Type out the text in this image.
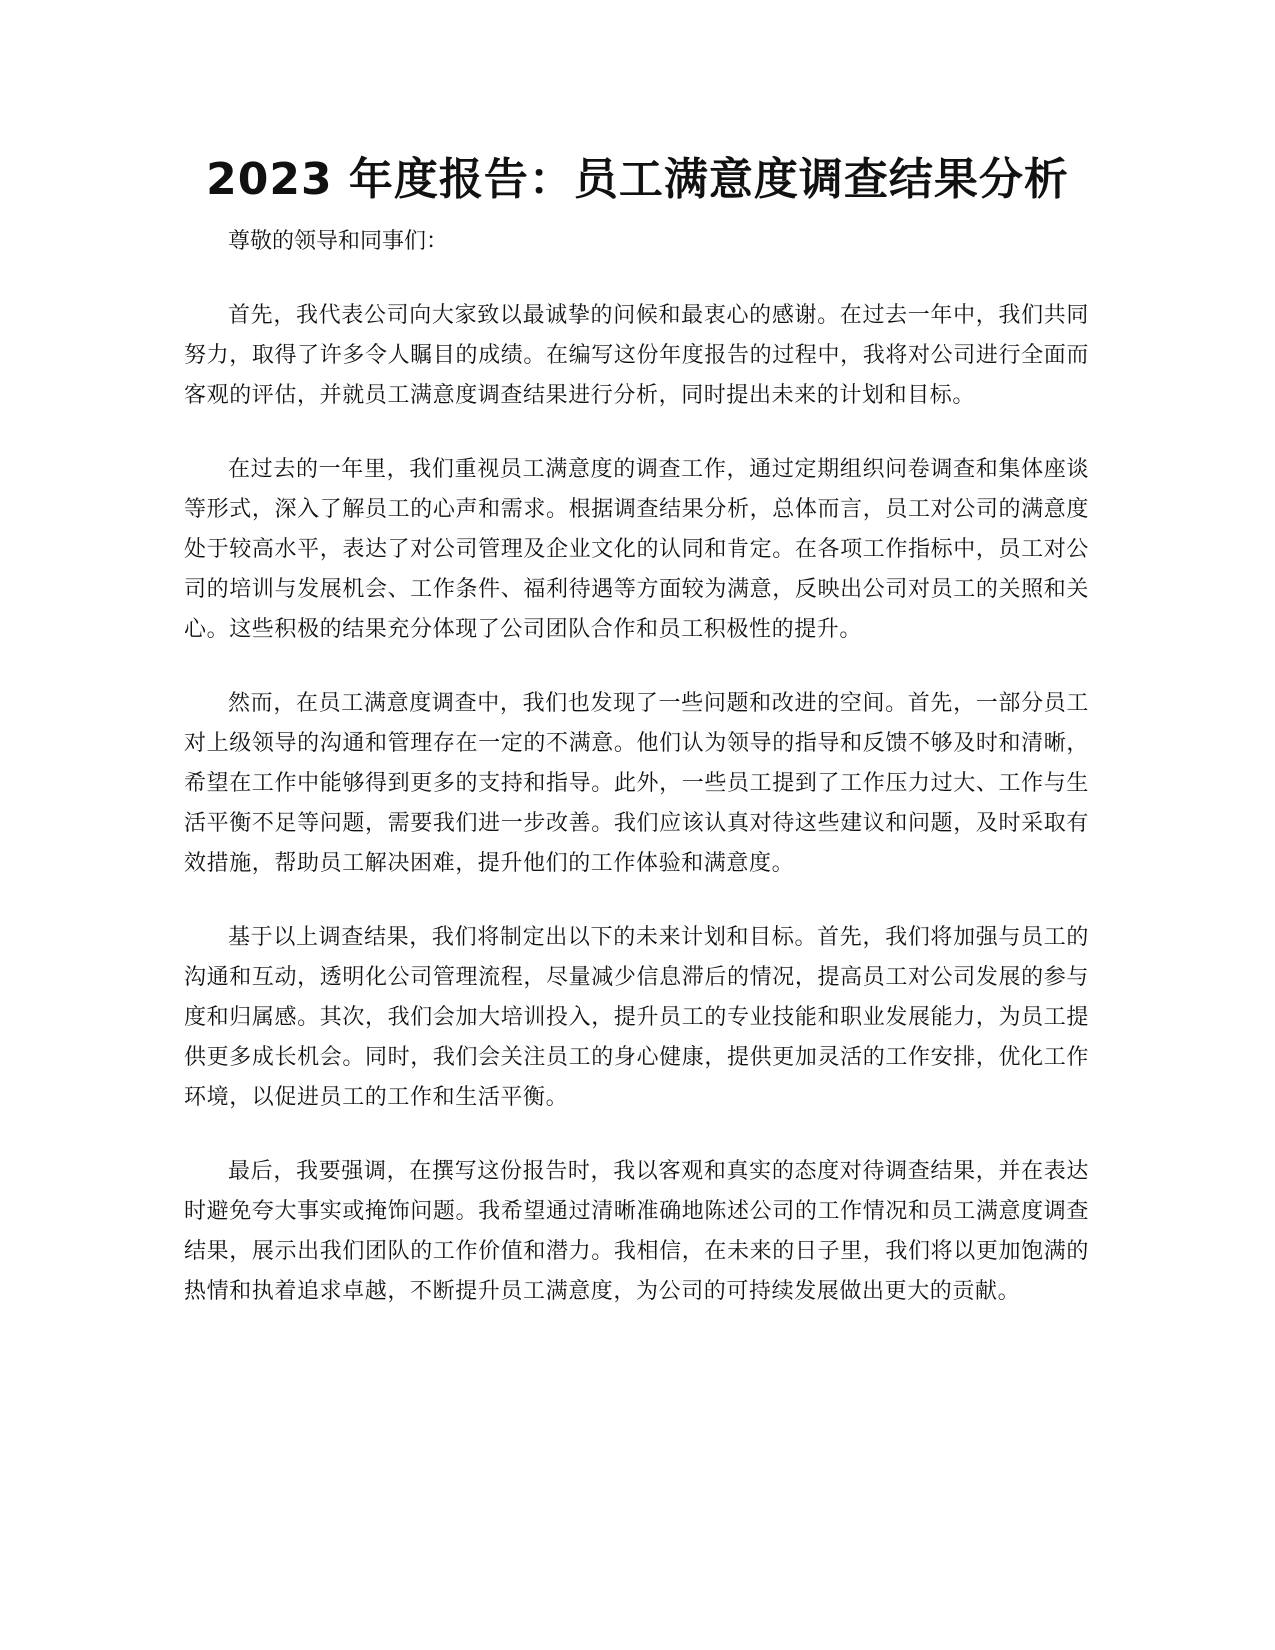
2023 年度报告：员工满意度调查结果分析

尊敬的领导和同事们：

首先，我代表公司向大家致以最诚挚的问候和最衷心的感谢。在过去一年中，我们共同努力，取得了许多令人瞩目的成绩。在编写这份年度报告的过程中，我将对公司进行全面而客观的评估，并就员工满意度调查结果进行分析，同时提出未来的计划和目标。

在过去的一年里，我们重视员工满意度的调查工作，通过定期组织问卷调查和集体座谈等形式，深入了解员工的心声和需求。根据调查结果分析，总体而言，员工对公司的满意度处于较高水平，表达了对公司管理及企业文化的认同和肯定。在各项工作指标中，员工对公司的培训与发展机会、工作条件、福利待遇等方面较为满意，反映出公司对员工的关照和关心。这些积极的结果充分体现了公司团队合作和员工积极性的提升。

然而，在员工满意度调查中，我们也发现了一些问题和改进的空间。首先，一部分员工对上级领导的沟通和管理存在一定的不满意。他们认为领导的指导和反馈不够及时和清晰，希望在工作中能够得到更多的支持和指导。此外，一些员工提到了工作压力过大、工作与生活平衡不足等问题，需要我们进一步改善。我们应该认真对待这些建议和问题，及时采取有效措施，帮助员工解决困难，提升他们的工作体验和满意度。

基于以上调查结果，我们将制定出以下的未来计划和目标。首先，我们将加强与员工的沟通和互动，透明化公司管理流程，尽量减少信息滞后的情况，提高员工对公司发展的参与度和归属感。其次，我们会加大培训投入，提升员工的专业技能和职业发展能力，为员工提供更多成长机会。同时，我们会关注员工的身心健康，提供更加灵活的工作安排，优化工作环境，以促进员工的工作和生活平衡。

最后，我要强调，在撰写这份报告时，我以客观和真实的态度对待调查结果，并在表达时避免夸大事实或掩饰问题。我希望通过清晰准确地陈述公司的工作情况和员工满意度调查结果，展示出我们团队的工作价值和潜力。我相信，在未来的日子里，我们将以更加饱满的热情和执着追求卓越，不断提升员工满意度，为公司的可持续发展做出更大的贡献。
